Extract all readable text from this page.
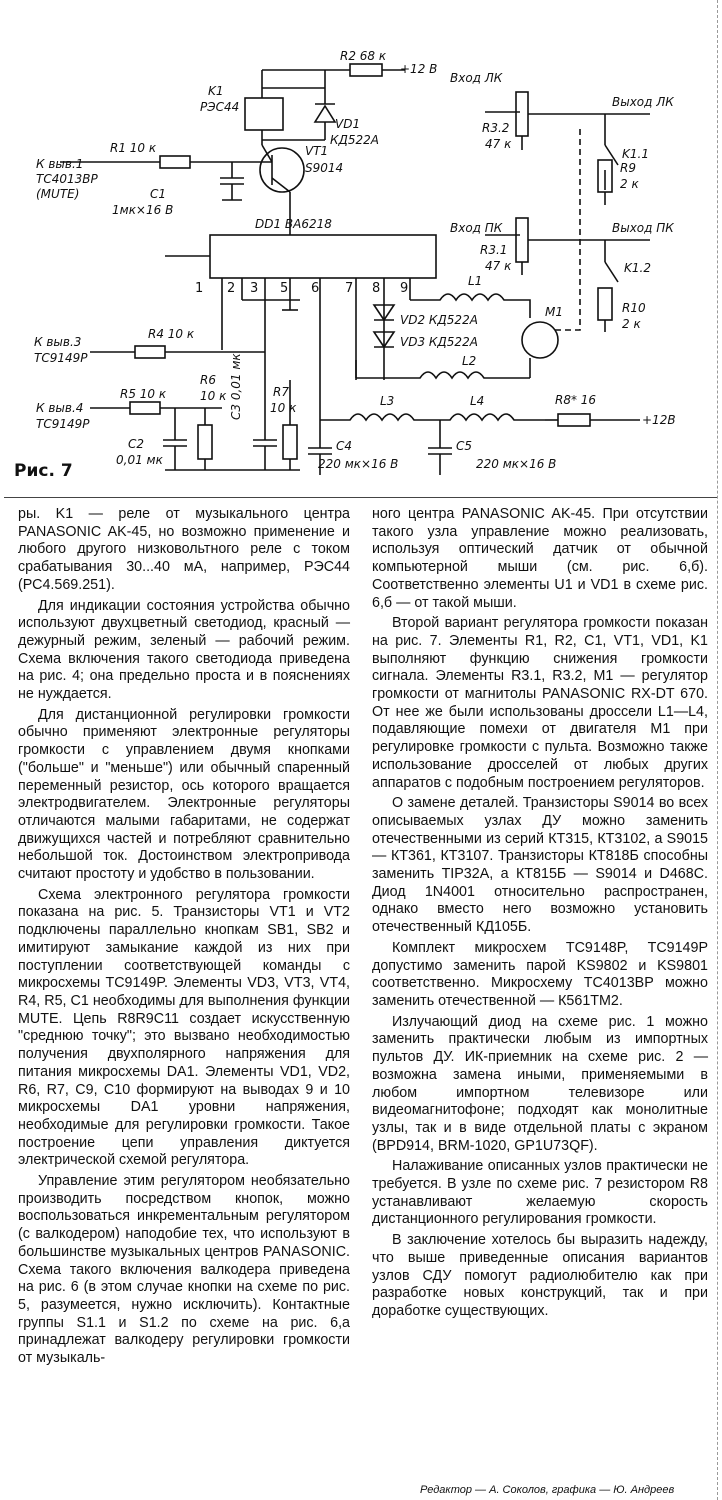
R2 68 к
+12 В
K1
РЭС44
VD1
КД522А
VT1
S9014
R1 10 к
К выв.1
TC4013ВР
(MUTE)	C1
1мк×16 В
DD1 BA6218
1 2 3 5 6 7 8 9
Вход ЛК
Выход ЛК
R3.2
47 к
K1.1
R9
2 к
Вход ПК	Выход ПК
R3.1
47 к	K1.2
R10
2 к
L1
M1
VD2 КД522А
VD3 КД522А
L2
К выв.3
TC9149Р
R4 10 к
R5 10 к
К выв.4
TC9149Р
R6
10 к C3 0,01 мк	R7
10 к
C2
0,01 мк
C4
220 мк×16 В
C5
220 мк×16 В
L3	L4	R8* 16
+12В
Рис. 7

ры. K1 — реле от музыкального центра PANASONIC AK-45, но возможно применение и любого другого низковольтного реле с током срабатывания 30...40 мА, например, РЭС44 (РС4.569.251).

Для индикации состояния устройства обычно используют двухцветный светодиод, красный — дежурный режим, зеленый — рабочий режим. Схема включения такого светодиода приведена на рис. 4; она предельно проста и в пояснениях не нуждается.

Для дистанционной регулировки громкости обычно применяют электронные регуляторы громкости с управлением двумя кнопками ("больше" и "меньше") или обычный спаренный переменный резистор, ось которого вращается электродвигателем. Электронные регуляторы отличаются малыми габаритами, не содержат движущихся частей и потребляют сравнительно небольшой ток. Достоинством электропривода считают простоту и удобство в пользовании.

Схема электронного регулятора громкости показана на рис. 5. Транзисторы VT1 и VT2 подключены параллельно кнопкам SB1, SB2 и имитируют замыкание каждой из них при поступлении соответствующей команды с микросхемы TC9149P. Элементы VD3, VT3, VT4, R4, R5, C1 необходимы для выполнения функции MUTE. Цепь R8R9C11 создает искусственную "среднюю точку"; это вызвано необходимостью получения двухполярного напряжения для питания микросхемы DA1. Элементы VD1, VD2, R6, R7, C9, C10 формируют на выводах 9 и 10 микросхемы DA1 уровни напряжения, необходимые для регулировки громкости. Такое построение цепи управления диктуется электрической схемой регулятора.

Управление этим регулятором необязательно производить посредством кнопок, можно воспользоваться инкрементальным регулятором (с валкодером) наподобие тех, что используют в большинстве музыкальных центров PANASONIC. Схема такого включения валкодера приведена на рис. 6 (в этом случае кнопки на схеме по рис. 5, разумеется, нужно исключить). Контактные группы S1.1 и S1.2 по схеме на рис. 6,а принадлежат валкодеру регулировки громкости от музыкаль-

ного центра PANASONIC AK-45. При отсутствии такого узла управление можно реализовать, используя оптический датчик от обычной компьютерной мыши (см. рис. 6,б). Соответственно элементы U1 и VD1 в схеме рис. 6,б — от такой мыши.

Второй вариант регулятора громкости показан на рис. 7. Элементы R1, R2, C1, VT1, VD1, K1 выполняют функцию снижения громкости сигнала. Элементы R3.1, R3.2, M1 — регулятор громкости от магнитолы PANASONIC RX-DT 670. От нее же были использованы дроссели L1—L4, подавляющие помехи от двигателя M1 при регулировке громкости с пульта. Возможно также использование дросселей от любых других аппаратов с подобным построением регуляторов.

О замене деталей. Транзисторы S9014 во всех описываемых узлах ДУ можно заменить отечественными из серий КТ315, КТ3102, а S9015 — КТ361, КТ3107. Транзисторы КТ818Б способны заменить TIP32A, а КТ815Б — S9014 и D468C. Диод 1N4001 относительно распространен, однако вместо него возможно установить отечественный КД105Б.

Комплект микросхем TC9148P, TC9149P допустимо заменить парой KS9802 и KS9801 соответственно. Микросхему TC4013BP можно заменить отечественной — К561ТМ2.

Излучающий диод на схеме рис. 1 можно заменить практически любым из импортных пультов ДУ. ИК-приемник на схеме рис. 2 — возможна замена иными, применяемыми в любом импортном телевизоре или видеомагнитофоне; подходят как монолитные узлы, так и в виде отдельной платы с экраном (BPD914, BRM-1020, GP1U73QF).

Налаживание описанных узлов практически не требуется. В узле по схеме рис. 7 резистором R8 устанавливают желаемую скорость дистанционного регулирования громкости.

В заключение хотелось бы выразить надежду, что выше приведенные описания вариантов узлов СДУ помогут радиолюбителю как при разработке новых конструкций, так и при доработке существующих.

Редактор — А. Соколов, графика — Ю. Андреев
